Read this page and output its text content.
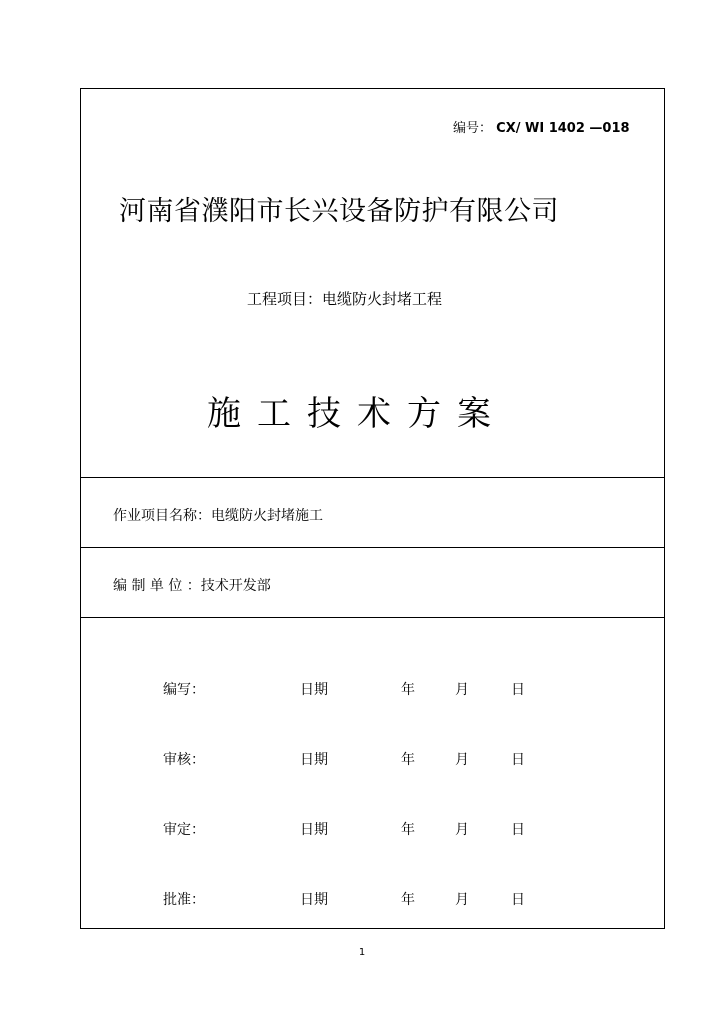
编号： CX/ WI 1402 —018
河南省濮阳市长兴设备防护有限公司
工程项目：电缆防火封堵工程
施工技术方案
作业项目名称：电缆防火封堵施工
编 制 单 位 ：技术开发部
编写：	日期	年	月	日
审核：	日期	年	月	日
审定：	日期	年	月	日
批准：	日期	年	月	日
1
